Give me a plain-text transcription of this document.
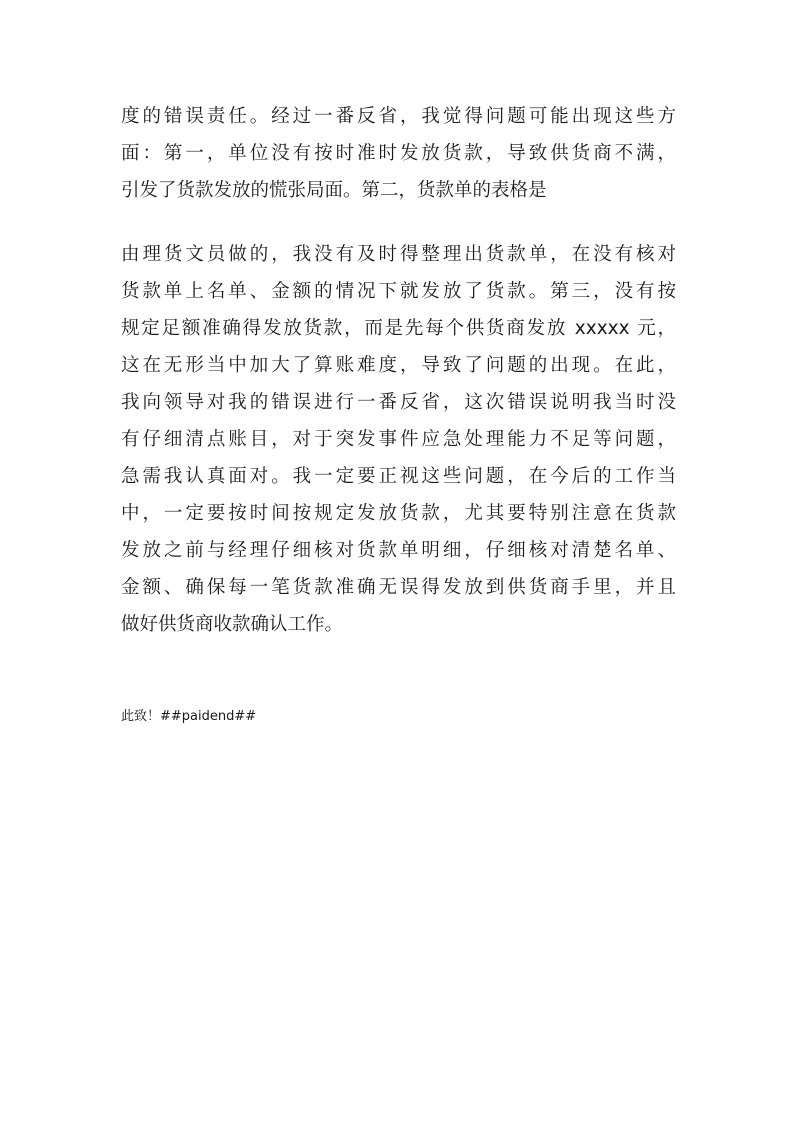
度的错误责任。经过一番反省，我觉得问题可能出现这些方
面：第一，单位没有按时准时发放货款，导致供货商不满，
引发了货款发放的慌张局面。第二，货款单的表格是
由理货文员做的，我没有及时得整理出货款单，在没有核对
货款单上名单、金额的情况下就发放了货款。第三，没有按
规定足额准确得发放货款，而是先每个供货商发放 xxxxx 元，
这在无形当中加大了算账难度，导致了问题的出现。在此，
我向领导对我的错误进行一番反省，这次错误说明我当时没
有仔细清点账目，对于突发事件应急处理能力不足等问题，
急需我认真面对。我一定要正视这些问题，在今后的工作当
中，一定要按时间按规定发放货款，尤其要特别注意在货款
发放之前与经理仔细核对货款单明细，仔细核对清楚名单、
金额、确保每一笔货款准确无误得发放到供货商手里，并且
做好供货商收款确认工作。
此致！##paidend##
